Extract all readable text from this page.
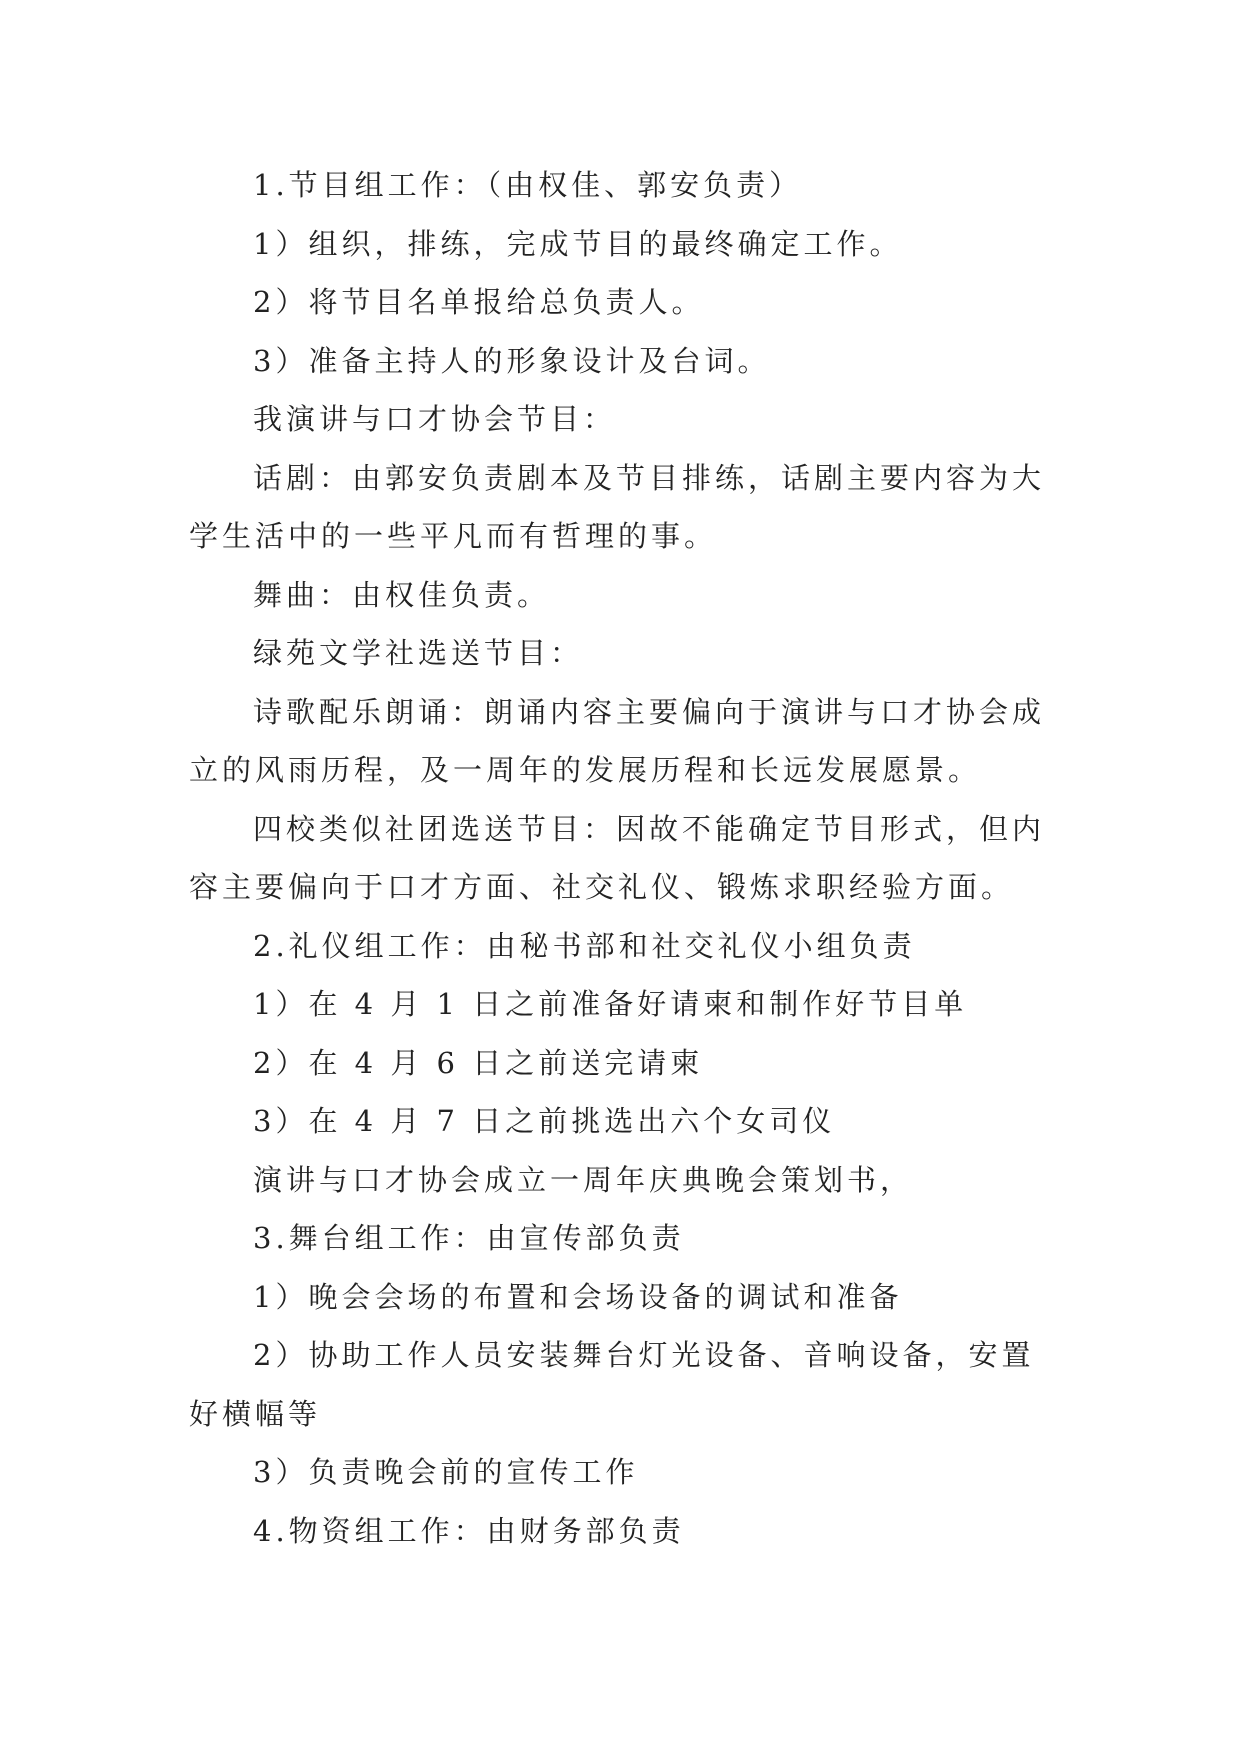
1.节目组工作：（由权佳、郭安负责）

1）组织，排练，完成节目的最终确定工作。

2）将节目名单报给总负责人。

3）准备主持人的形象设计及台词。

我演讲与口才协会节目：

话剧：由郭安负责剧本及节目排练，话剧主要内容为大学生活中的一些平凡而有哲理的事。

舞曲：由权佳负责。

绿苑文学社选送节目：

诗歌配乐朗诵：朗诵内容主要偏向于演讲与口才协会成立的风雨历程，及一周年的发展历程和长远发展愿景。

四校类似社团选送节目：因故不能确定节目形式，但内容主要偏向于口才方面、社交礼仪、锻炼求职经验方面。

2.礼仪组工作：由秘书部和社交礼仪小组负责

1）在 4 月 1 日之前准备好请柬和制作好节目单

2）在 4 月 6 日之前送完请柬

3）在 4 月 7 日之前挑选出六个女司仪

演讲与口才协会成立一周年庆典晚会策划书，

3.舞台组工作：由宣传部负责

1）晚会会场的布置和会场设备的调试和准备

2）协助工作人员安装舞台灯光设备、音响设备，安置好横幅等

3）负责晚会前的宣传工作

4.物资组工作：由财务部负责
